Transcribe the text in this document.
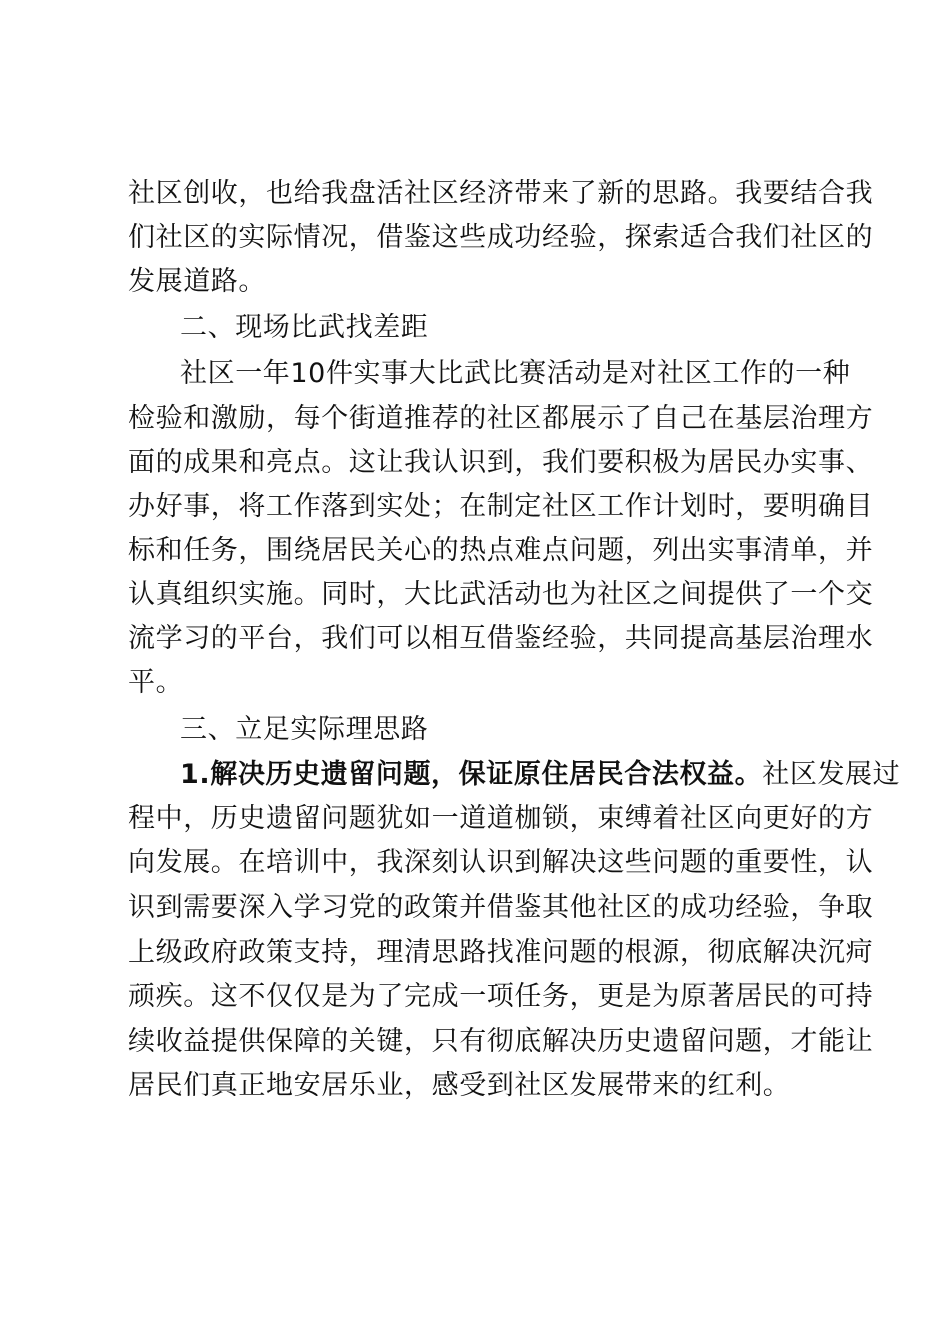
社区创收，也给我盘活社区经济带来了新的思路。我要结合我
们社区的实际情况，借鉴这些成功经验，探索适合我们社区的
发展道路。
二、现场比武找差距
社区一年10件实事大比武比赛活动是对社区工作的一种
检验和激励，每个街道推荐的社区都展示了自己在基层治理方
面的成果和亮点。这让我认识到，我们要积极为居民办实事、
办好事，将工作落到实处；在制定社区工作计划时，要明确目
标和任务，围绕居民关心的热点难点问题，列出实事清单，并
认真组织实施。同时，大比武活动也为社区之间提供了一个交
流学习的平台，我们可以相互借鉴经验，共同提高基层治理水
平。
三、立足实际理思路
1.解决历史遗留问题，保证原住居民合法权益。社区发展过
程中，历史遗留问题犹如一道道枷锁，束缚着社区向更好的方
向发展。在培训中，我深刻认识到解决这些问题的重要性，认
识到需要深入学习党的政策并借鉴其他社区的成功经验，争取
上级政府政策支持，理清思路找准问题的根源，彻底解决沉疴
顽疾。这不仅仅是为了完成一项任务，更是为原著居民的可持
续收益提供保障的关键，只有彻底解决历史遗留问题，才能让
居民们真正地安居乐业，感受到社区发展带来的红利。
